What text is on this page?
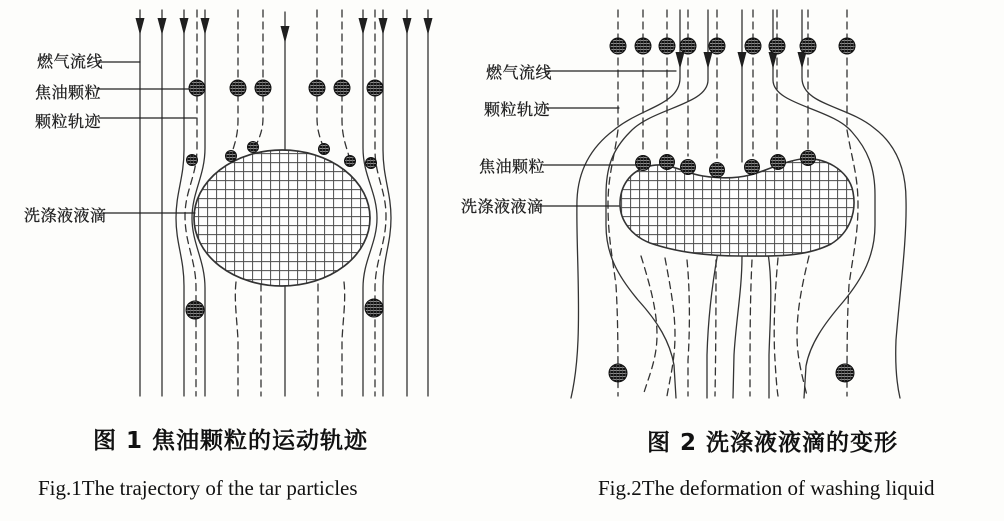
燃气流线
焦油颗粒
颗粒轨迹
洗涤液液滴
燃气流线
颗粒轨迹
焦油颗粒
洗涤液液滴
图 1 焦油颗粒的运动轨迹
Fig.1The trajectory of the tar particles
图 2 洗涤液液滴的变形
Fig.2The deformation of washing liquid
